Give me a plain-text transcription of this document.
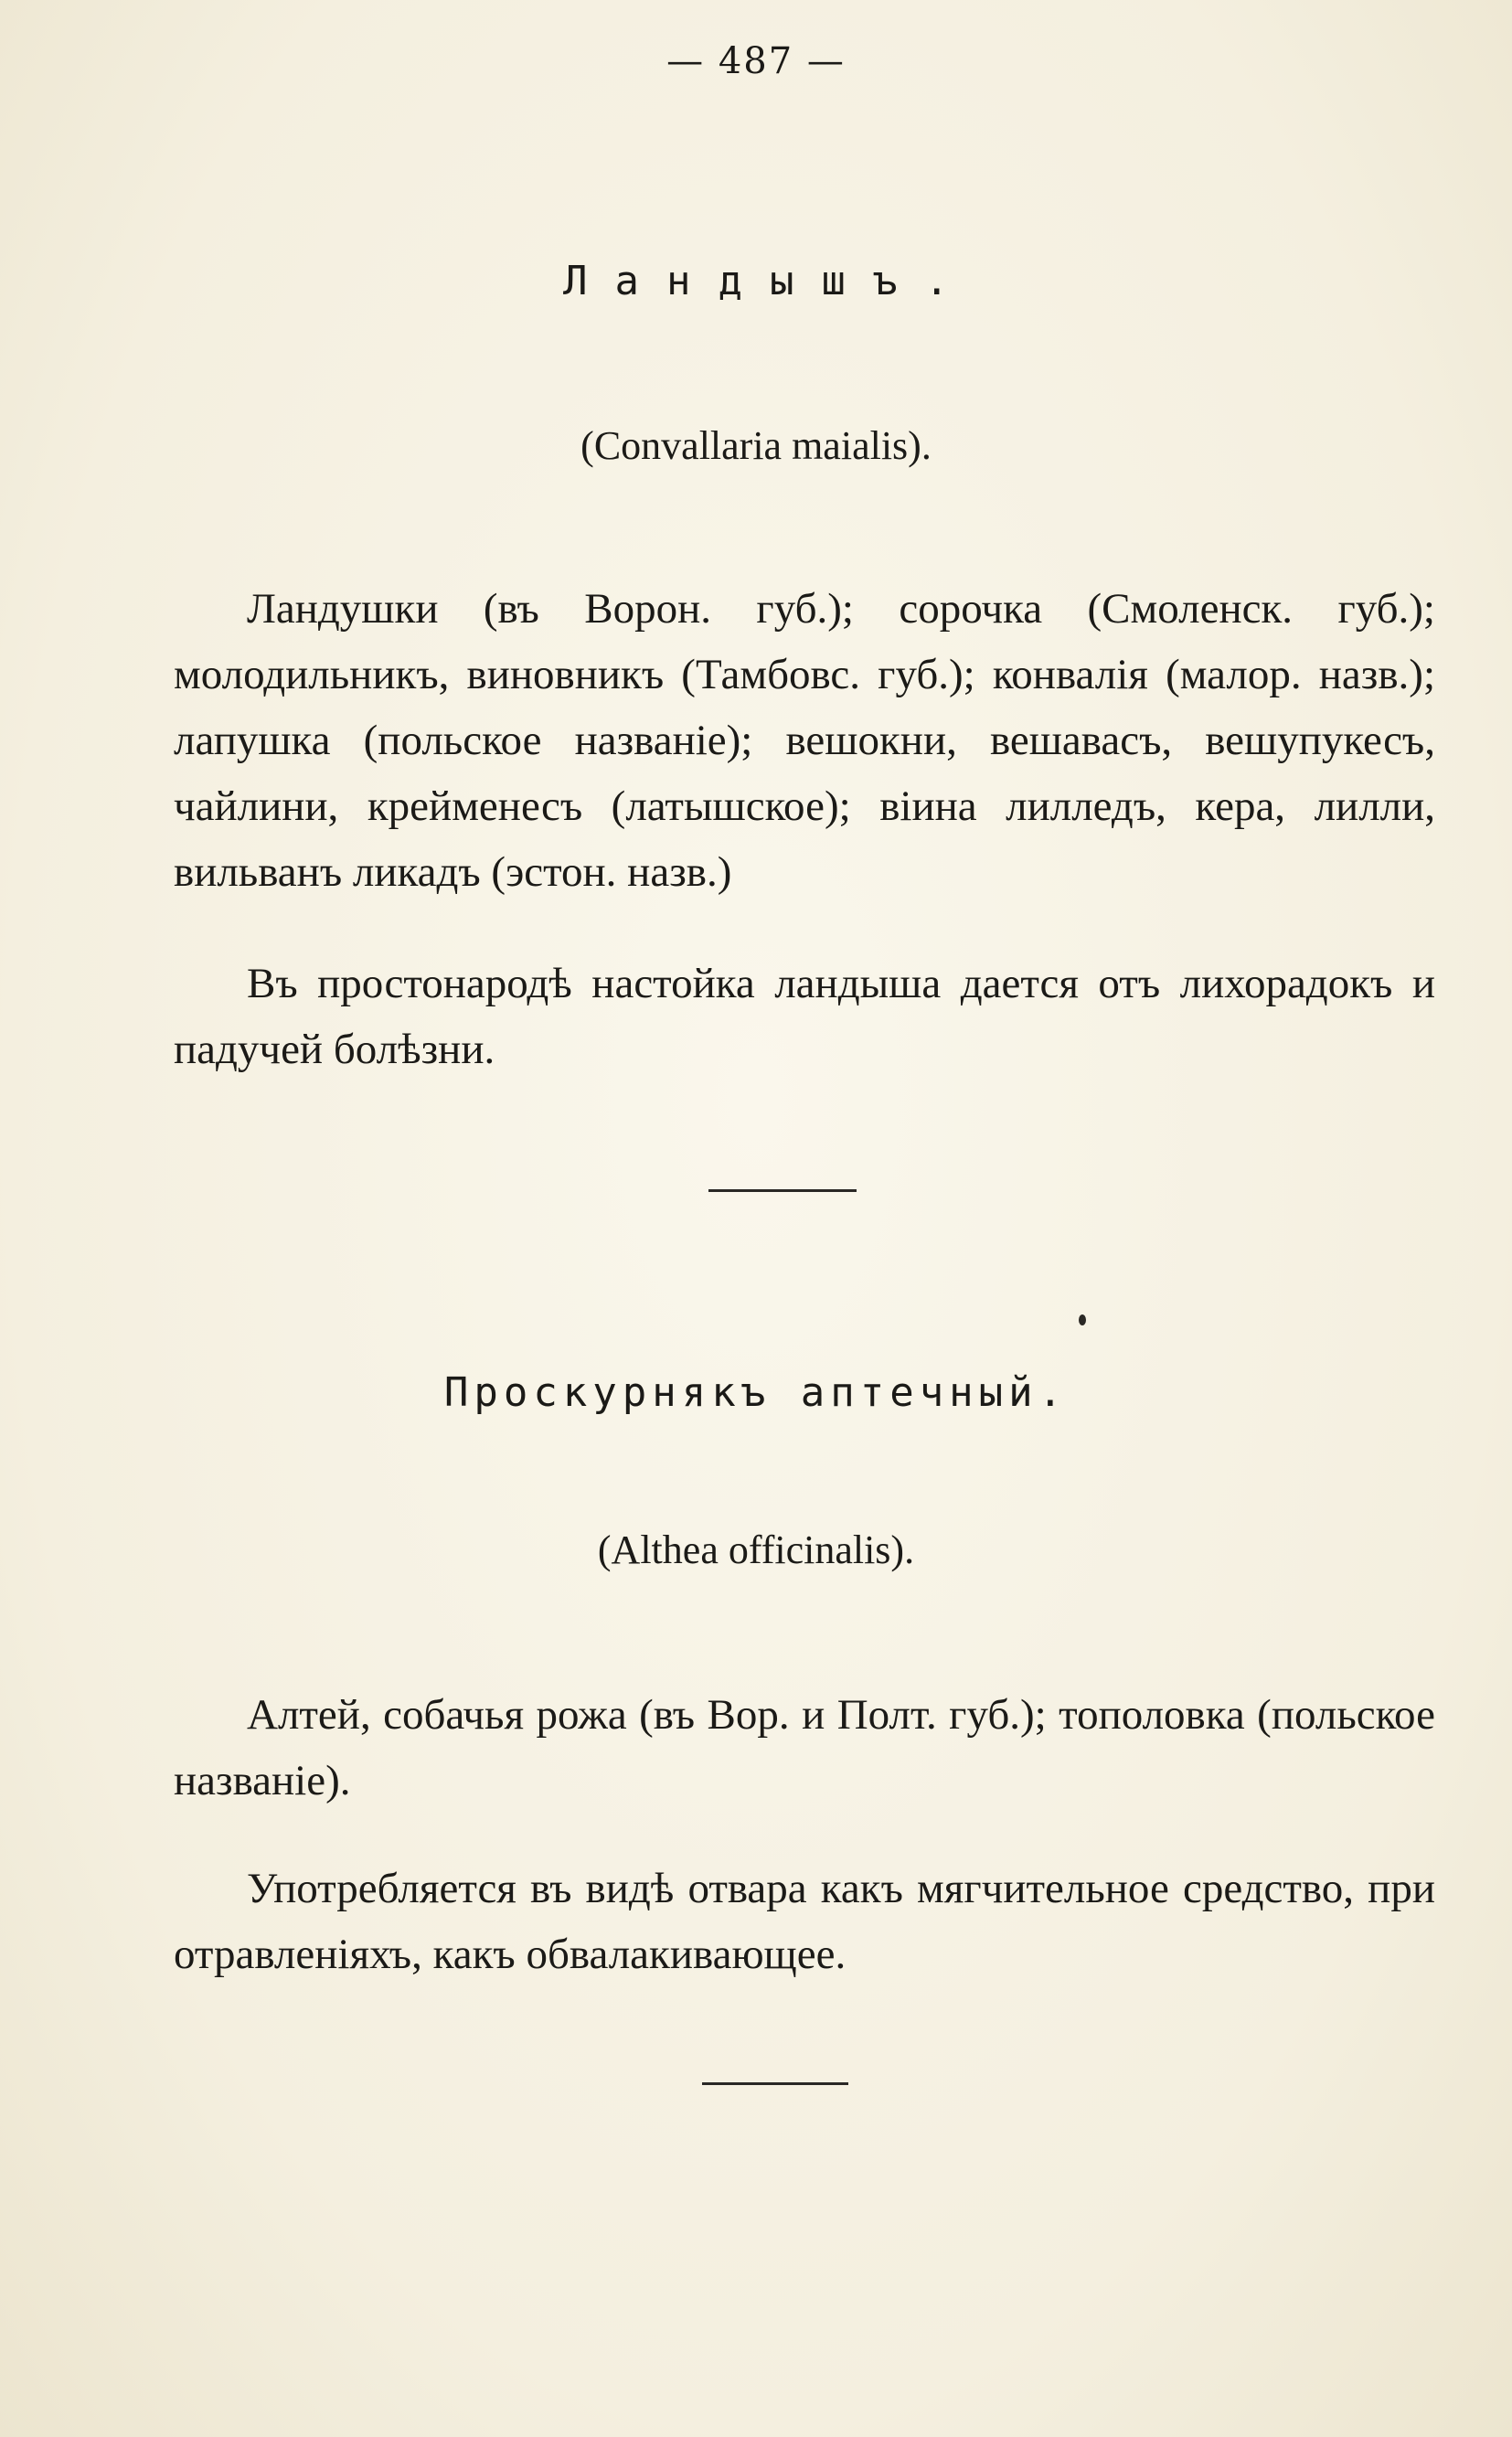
— 487 —
Ландышъ.
(Convallaria maialis).

Ландушки (въ Ворон. губ.); сорочка (Смоленск. губ.); молодильникъ, виновникъ (Тамбовс. губ.); конвалія (малор. назв.); лапушка (польское названіе); вешокни, вешавасъ, вешупукесъ, чайлини, крейменесъ (латышское); віина лилледъ, кера, лилли, вильванъ ликадъ (эстон. назв.)

Въ простонародѣ настойка ландыша дается отъ лихорадокъ и падучей болѣзни.

Проскурнякъ аптечный.
(Althea officinalis).

Алтей, собачья рожа (въ Вор. и Полт. губ.); тополовка (польское названіе).

Употребляется въ видѣ отвара какъ мягчительное средство, при отравленіяхъ, какъ обвалакивающее.
